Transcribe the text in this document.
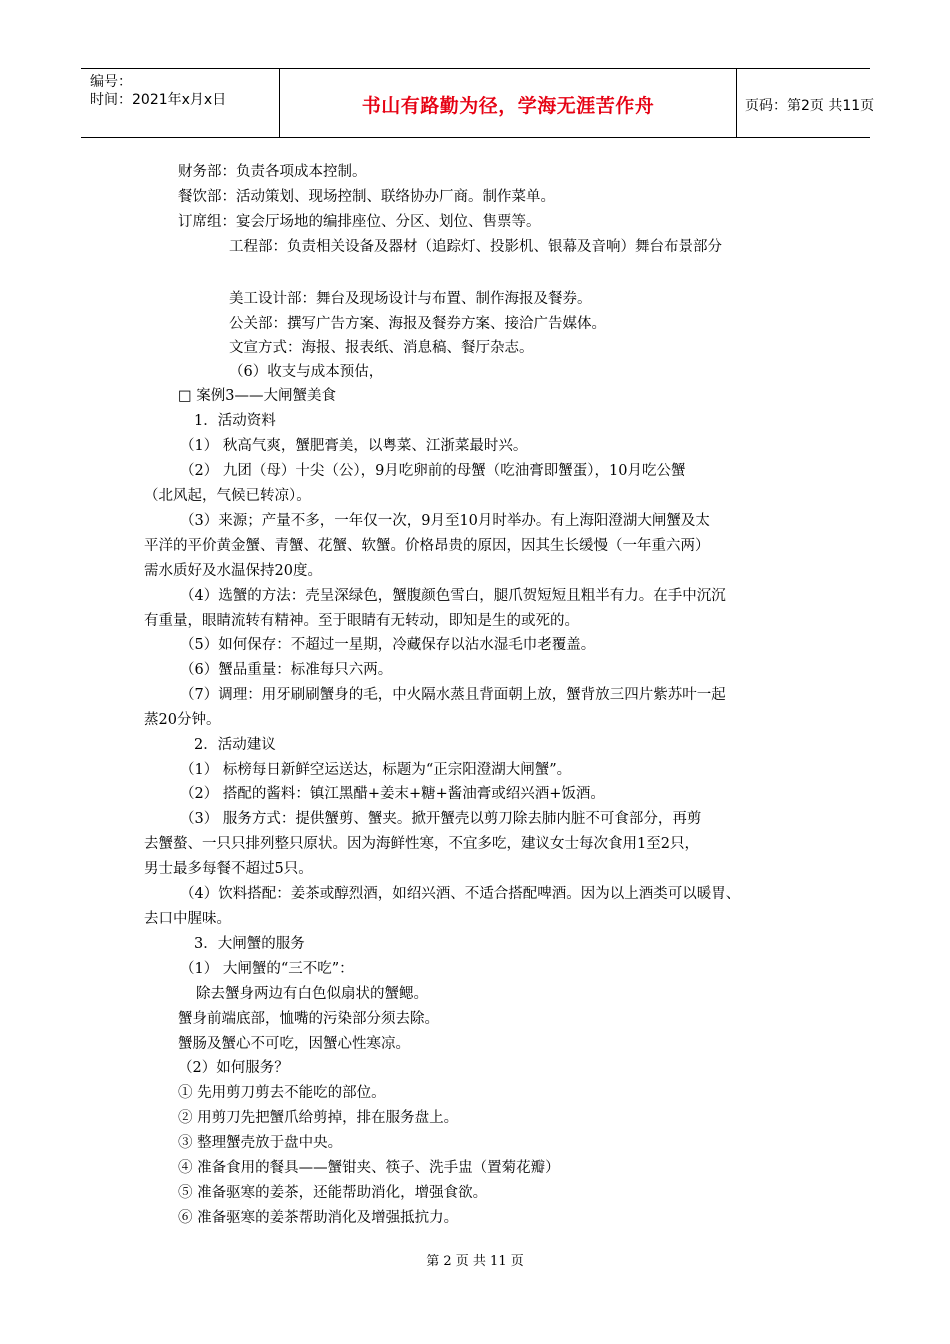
编号：
时间：2021年x月x日	书山有路勤为径，学海无涯苦作舟	页码：第2页 共11页
财务部：负责各项成本控制。
餐饮部：活动策划、现场控制、联络协办厂商。制作菜单。
订席组：宴会厅场地的编排座位、分区、划位、售票等。
工程部：负责相关设备及器材（追踪灯、投影机、银幕及音响）舞台布景部分
美工设计部：舞台及现场设计与布置、制作海报及餐券。
公关部：撰写广告方案、海报及餐券方案、接洽广告媒体。
文宣方式：海报、报表纸、消息稿、餐厅杂志。
（6）收支与成本预估，
□ 案例3——大闸蟹美食
1．活动资料
（1） 秋高气爽，蟹肥膏美，以粤菜、江浙菜最时兴。
（2） 九团（母）十尖（公），9月吃卵前的母蟹（吃油膏即蟹蛋），10月吃公蟹
（北风起，气候已转凉）。
（3）来源；产量不多，一年仅一次，9月至10月时举办。有上海阳澄湖大闸蟹及太
平洋的平价黄金蟹、青蟹、花蟹、软蟹。价格昂贵的原因，因其生长缓慢（一年重六两）
需水质好及水温保持20度。
（4）选蟹的方法：壳呈深绿色，蟹腹颜色雪白，腿爪贺短短且粗半有力。在手中沉沉
有重量，眼睛流转有精神。至于眼睛有无转动，即知是生的或死的。
（5）如何保存：不超过一星期，冷藏保存以沾水湿毛巾老覆盖。
（6）蟹品重量：标准每只六两。
（7）调理：用牙刷刷蟹身的毛，中火隔水蒸且背面朝上放，蟹背放三四片紫苏叶一起
蒸20分钟。
2．活动建议
（1） 标榜每日新鲜空运送达，标题为“正宗阳澄湖大闸蟹”。
（2） 搭配的酱料：镇江黑醋+姜末+糖+酱油膏或绍兴酒+饭酒。
（3） 服务方式：提供蟹剪、蟹夹。掀开蟹壳以剪刀除去肺内脏不可食部分，再剪
去蟹螯、一只只排列整只原状。因为海鲜性寒，不宜多吃，建议女士每次食用1至2只，
男士最多每餐不超过5只。
（4）饮料搭配：姜茶或醇烈酒，如绍兴酒、不适合搭配啤酒。因为以上酒类可以暖胃、
去口中腥味。
3．大闸蟹的服务
（1） 大闸蟹的“三不吃”：
除去蟹身两边有白色似扇状的蟹鳃。
蟹身前端底部，恤嘴的污染部分须去除。
蟹肠及蟹心不可吃，因蟹心性寒凉。
（2）如何服务？
① 先用剪刀剪去不能吃的部位。
② 用剪刀先把蟹爪给剪掉，排在服务盘上。
③ 整理蟹壳放于盘中央。
④ 准备食用的餐具——蟹钳夹、筷子、洗手盅（置菊花瓣）
⑤ 准备驱寒的姜茶，还能帮助消化，增强食欲。
⑥ 准备驱寒的姜茶帮助消化及增强抵抗力。
第 2 页 共 11 页
